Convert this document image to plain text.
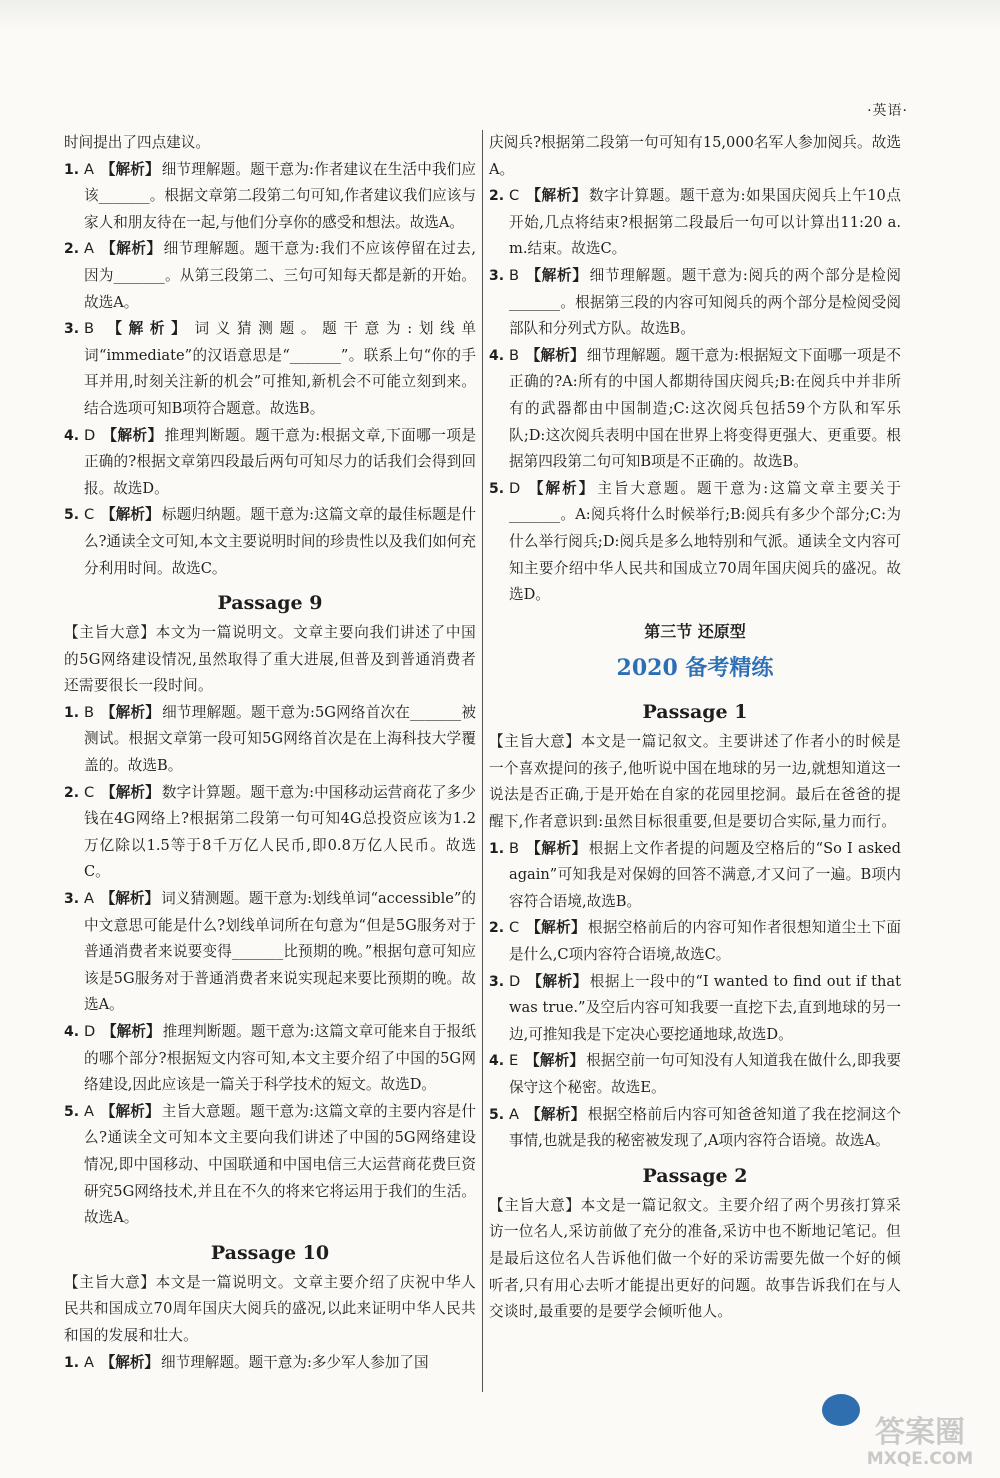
·英语·

时间提出了四点建议。

1. A 【解析】 细节理解题。题干意为:作者建议在生活中我们应该_______。根据文章第二段第二句可知,作者建议我们应该与家人和朋友待在一起,与他们分享你的感受和想法。故选A。
2. A 【解析】 细节理解题。题干意为:我们不应该停留在过去,因为_______。从第三段第二、三句可知每天都是新的开始。故选A。
3. B 【解析】 词义猜测题。题干意为:划线单词“immediate”的汉语意思是“_______”。联系上句“你的手耳并用,时刻关注新的机会”可推知,新机会不可能立刻到来。结合选项可知B项符合题意。故选B。
4. D 【解析】 推理判断题。题干意为:根据文章,下面哪一项是正确的?根据文章第四段最后两句可知尽力的话我们会得到回报。故选D。
5. C 【解析】 标题归纳题。题干意为:这篇文章的最佳标题是什么?通读全文可知,本文主要说明时间的珍贵性以及我们如何充分利用时间。故选C。
Passage 9
【主旨大意】本文为一篇说明文。文章主要向我们讲述了中国的5G网络建设情况,虽然取得了重大进展,但普及到普通消费者还需要很长一段时间。
1. B 【解析】 细节理解题。题干意为:5G网络首次在_______被测试。根据文章第一段可知5G网络首次是在上海科技大学覆盖的。故选B。
2. C 【解析】 数字计算题。题干意为:中国移动运营商花了多少钱在4G网络上?根据第二段第一句可知4G总投资应该为1.2万亿除以1.5等于8千万亿人民币,即0.8万亿人民币。故选C。
3. A 【解析】 词义猜测题。题干意为:划线单词“accessible”的中文意思可能是什么?划线单词所在句意为“但是5G服务对于普通消费者来说要变得_______比预期的晚。”根据句意可知应该是5G服务对于普通消费者来说实现起来要比预期的晚。故选A。
4. D 【解析】 推理判断题。题干意为:这篇文章可能来自于报纸的哪个部分?根据短文内容可知,本文主要介绍了中国的5G网络建设,因此应该是一篇关于科学技术的短文。故选D。
5. A 【解析】 主旨大意题。题干意为:这篇文章的主要内容是什么?通读全文可知本文主要向我们讲述了中国的5G网络建设情况,即中国移动、中国联通和中国电信三大运营商花费巨资研究5G网络技术,并且在不久的将来它将运用于我们的生活。故选A。
Passage 10
【主旨大意】本文是一篇说明文。文章主要介绍了庆祝中华人民共和国成立70周年国庆大阅兵的盛况,以此来证明中华人民共和国的发展和壮大。
1. A 【解析】 细节理解题。题干意为:多少军人参加了国

庆阅兵?根据第二段第一句可知有15,000名军人参加阅兵。故选A。

2. C 【解析】 数字计算题。题干意为:如果国庆阅兵上午10点开始,几点将结束?根据第二段最后一句可以计算出11:20 a. m.结束。故选C。
3. B 【解析】 细节理解题。题干意为:阅兵的两个部分是检阅_______。根据第三段的内容可知阅兵的两个部分是检阅受阅部队和分列式方队。故选B。
4. B 【解析】 细节理解题。题干意为:根据短文下面哪一项是不正确的?A:所有的中国人都期待国庆阅兵;B:在阅兵中并非所有的武器都由中国制造;C:这次阅兵包括59个方队和军乐队;D:这次阅兵表明中国在世界上将变得更强大、更重要。根据第四段第二句可知B项是不正确的。故选B。
5. D 【解析】 主旨大意题。题干意为:这篇文章主要关于_______。A:阅兵将什么时候举行;B:阅兵有多少个部分;C:为什么举行阅兵;D:阅兵是多么地特别和气派。通读全文内容可知主要介绍中华人民共和国成立70周年国庆阅兵的盛况。故选D。
第三节 还原型
2020 备考精练
Passage 1
【主旨大意】本文是一篇记叙文。主要讲述了作者小的时候是一个喜欢提问的孩子,他听说中国在地球的另一边,就想知道这一说法是否正确,于是开始在自家的花园里挖洞。最后在爸爸的提醒下,作者意识到:虽然目标很重要,但是要切合实际,量力而行。
1. B 【解析】 根据上文作者提的问题及空格后的“So I asked again”可知我是对保姆的回答不满意,才又问了一遍。B项内容符合语境,故选B。
2. C 【解析】 根据空格前后的内容可知作者很想知道尘土下面是什么,C项内容符合语境,故选C。
3. D 【解析】 根据上一段中的“I wanted to find out if that was true.”及空后内容可知我要一直挖下去,直到地球的另一边,可推知我是下定决心要挖通地球,故选D。
4. E 【解析】 根据空前一句可知没有人知道我在做什么,即我要保守这个秘密。故选E。
5. A 【解析】 根据空格前后内容可知爸爸知道了我在挖洞这个事情,也就是我的秘密被发现了,A项内容符合语境。故选A。
Passage 2
【主旨大意】本文是一篇记叙文。主要介绍了两个男孩打算采访一位名人,采访前做了充分的准备,采访中也不断地记笔记。但是最后这位名人告诉他们做一个好的采访需要先做一个好的倾听者,只有用心去听才能提出更好的问题。故事告诉我们在与人交谈时,最重要的是要学会倾听他人。
答案圈
MXQE.COM
